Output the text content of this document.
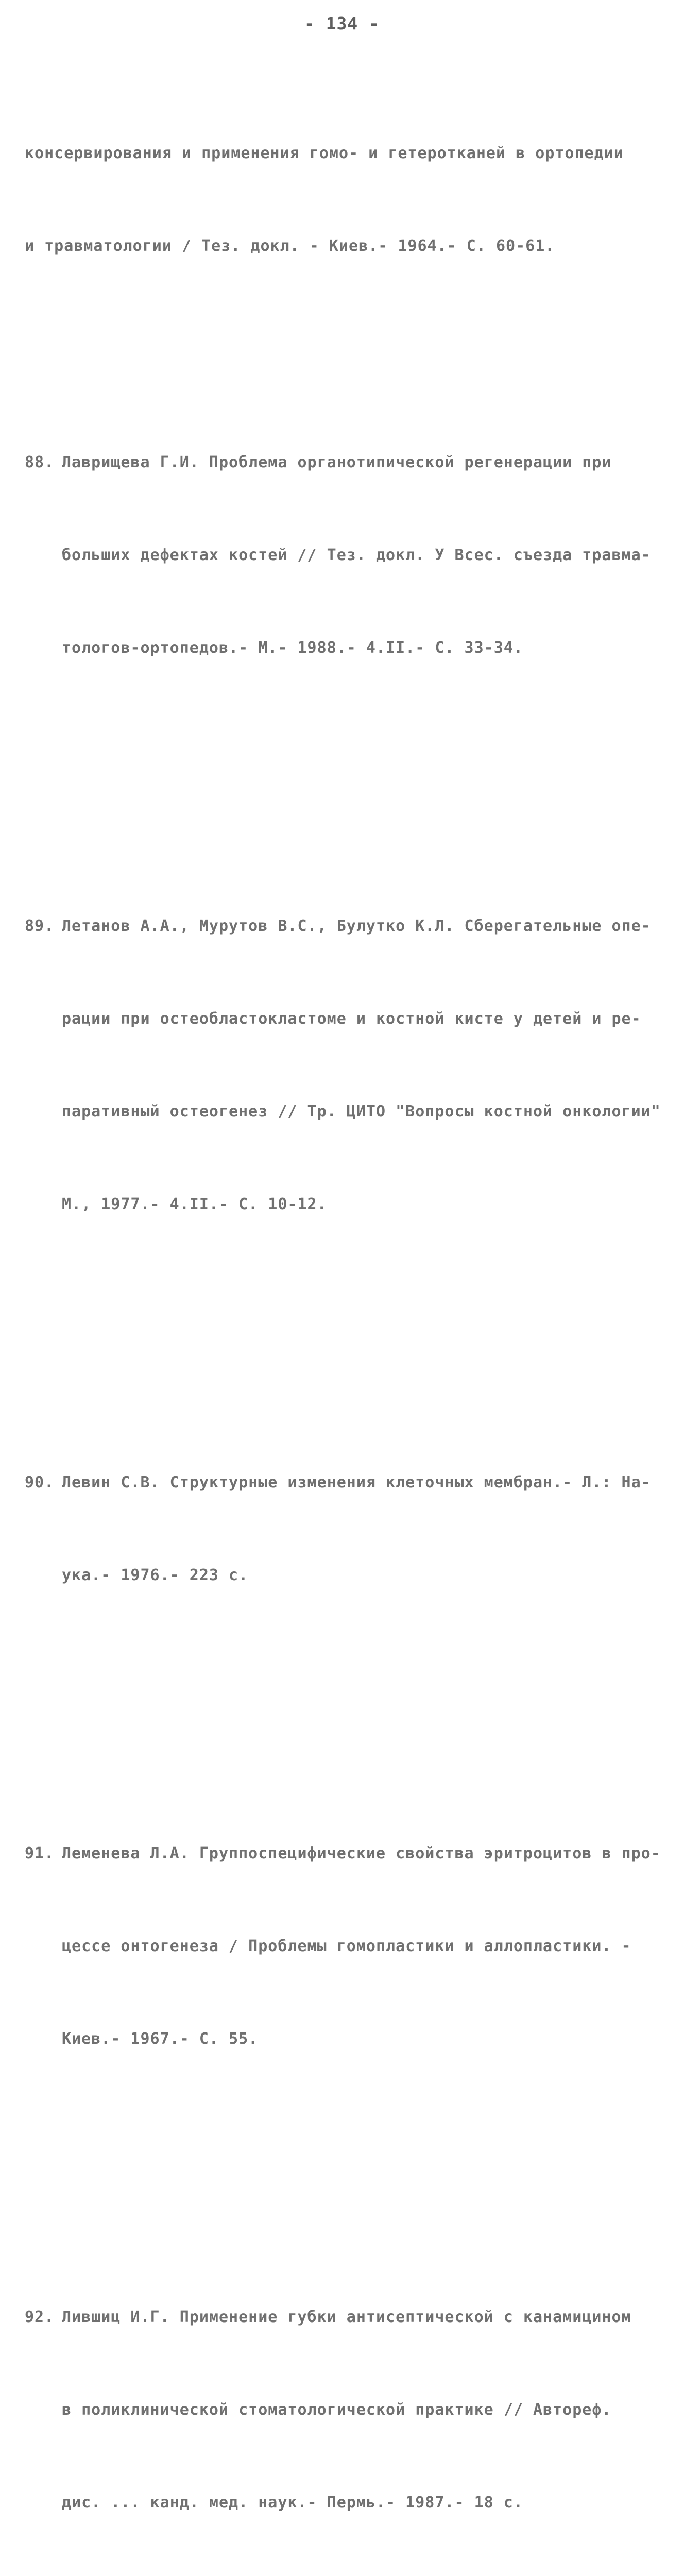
- 134 -

консервирования и применения гомо- и гетеротканей в ортопедии

и травматологии / Тез. докл. - Киев.- 1964.- С. 60-61.

88. Лаврищева Г.И. Проблема органотипической регенерации при

больших дефектах костей // Тез. докл. У Всес. съезда травма-

тологов-ортопедов.- М.- 1988.- 4.II.- С. 33-34.

89. Летанов А.А., Мурутов В.С., Булутко К.Л. Сберегательные опе-

рации при остеобластокластоме и костной кисте у детей и ре-

паративный остеогенез // Тр. ЦИТО "Вопросы костной онкологии"

М., 1977.- 4.II.- С. 10-12.

90. Левин С.В. Структурные изменения клеточных мембран.- Л.: На-

ука.- 1976.- 223 с.

91. Леменева Л.А. Группоспецифические свойства эритроцитов в про-

цессе онтогенеза / Проблемы гомопластики и аллопластики. -

Киев.- 1967.- С. 55.

92. Лившиц И.Г. Применение губки антисептической с канамицином

в поликлинической стоматологической практике // Автореф.

дис. ... канд. мед. наук.- Пермь.- 1987.- 18 с.
